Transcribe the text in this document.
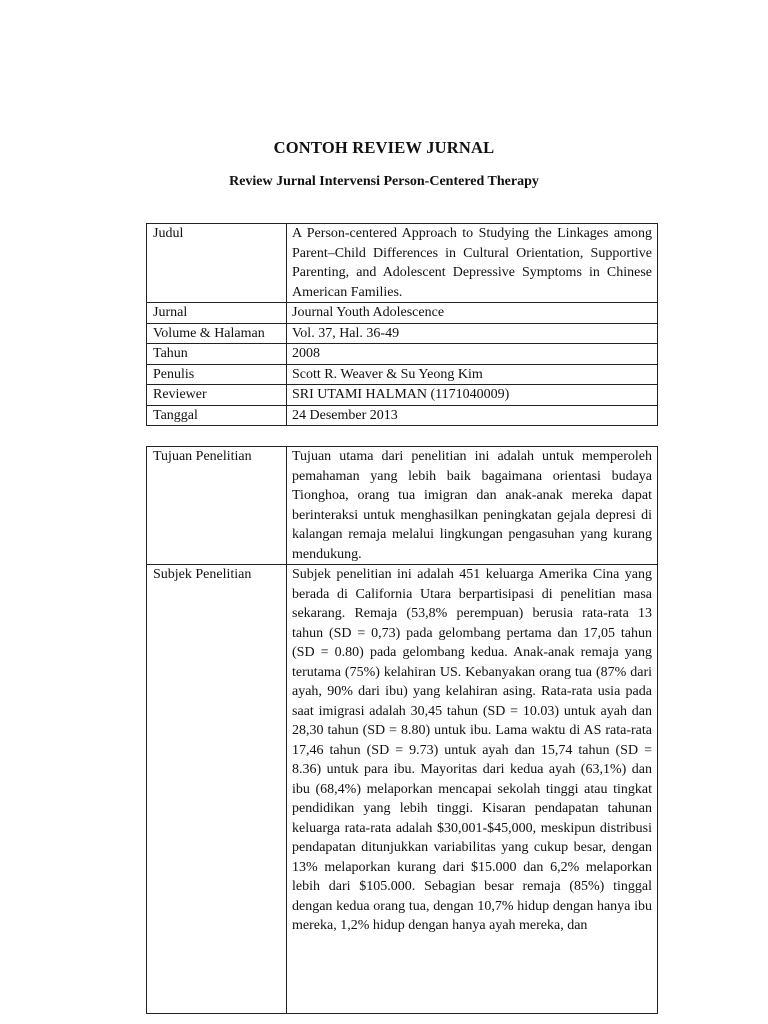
CONTOH REVIEW JURNAL
Review Jurnal Intervensi Person-Centered Therapy
Judul	A Person-centered Approach to Studying the Linkages among Parent–Child Differences in Cultural Orientation, Supportive Parenting, and Adolescent Depressive Symptoms in Chinese American Families.
Jurnal	Journal Youth Adolescence
Volume & Halaman	Vol. 37, Hal. 36-49
Tahun	2008
Penulis	Scott R. Weaver & Su Yeong Kim
Reviewer	SRI UTAMI HALMAN (1171040009)
Tanggal	24 Desember 2013
Tujuan Penelitian	Tujuan utama dari penelitian ini adalah untuk memperoleh pemahaman yang lebih baik bagaimana orientasi budaya Tionghoa, orang tua imigran dan anak-anak mereka dapat berinteraksi untuk menghasilkan peningkatan gejala depresi di kalangan remaja melalui lingkungan pengasuhan yang kurang mendukung.
Subjek Penelitian	Subjek penelitian ini adalah 451 keluarga Amerika Cina yang berada di California Utara berpartisipasi di penelitian masa sekarang. Remaja (53,8% perempuan) berusia rata-rata 13 tahun (SD = 0,73) pada gelombang pertama dan 17,05 tahun (SD = 0.80) pada gelombang kedua. Anak-anak remaja yang terutama (75%) kelahiran US. Kebanyakan orang tua (87% dari ayah, 90% dari ibu) yang kelahiran asing. Rata-rata usia pada saat imigrasi adalah 30,45 tahun (SD = 10.03) untuk ayah dan 28,30 tahun (SD = 8.80) untuk ibu. Lama waktu di AS rata-rata 17,46 tahun (SD = 9.73) untuk ayah dan 15,74 tahun (SD = 8.36) untuk para ibu. Mayoritas dari kedua ayah (63,1%) dan ibu (68,4%) melaporkan mencapai sekolah tinggi atau tingkat pendidikan yang lebih tinggi. Kisaran pendapatan tahunan keluarga rata-rata adalah $30,001-$45,000, meskipun distribusi pendapatan ditunjukkan variabilitas yang cukup besar, dengan 13% melaporkan kurang dari $15.000 dan 6,2% melaporkan lebih dari $105.000. Sebagian besar remaja (85%) tinggal dengan kedua orang tua, dengan 10,7% hidup dengan hanya ibu mereka, 1,2% hidup dengan hanya ayah mereka, dan
